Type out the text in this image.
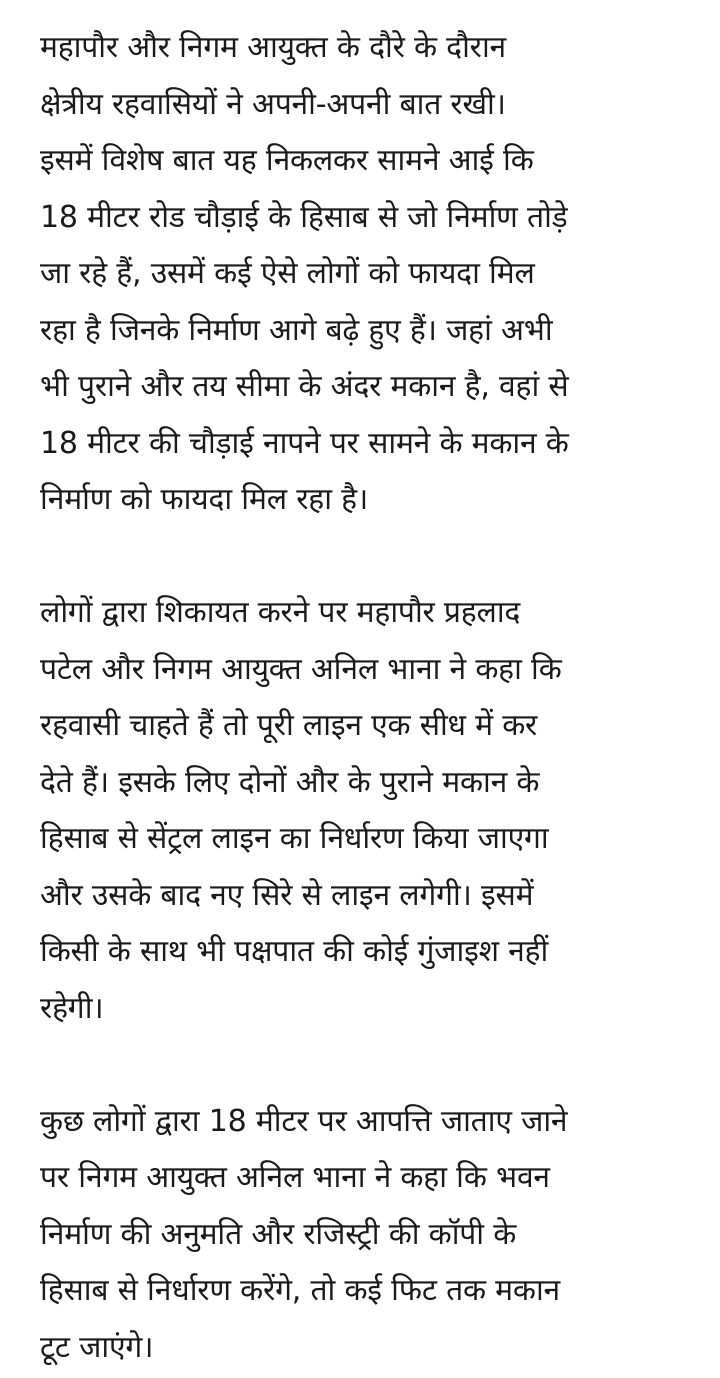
महापौर और निगम आयुक्त के दौरे के दौरान
क्षेत्रीय रहवासियों ने अपनी-अपनी बात रखी।
इसमें विशेष बात यह निकलकर सामने आई कि
18 मीटर रोड चौड़ाई के हिसाब से जो निर्माण तोड़े
जा रहे हैं, उसमें कई ऐसे लोगों को फायदा मिल
रहा है जिनके निर्माण आगे बढ़े हुए हैं। जहां अभी
भी पुराने और तय सीमा के अंदर मकान है, वहां से
18 मीटर की चौड़ाई नापने पर सामने के मकान के
निर्माण को फायदा मिल रहा है।

लोगों द्वारा शिकायत करने पर महापौर प्रहलाद
पटेल और निगम आयुक्त अनिल भाना ने कहा कि
रहवासी चाहते हैं तो पूरी लाइन एक सीध में कर
देते हैं। इसके लिए दोनों और के पुराने मकान के
हिसाब से सेंट्रल लाइन का निर्धारण किया जाएगा
और उसके बाद नए सिरे से लाइन लगेगी। इसमें
किसी के साथ भी पक्षपात की कोई गुंजाइश नहीं
रहेगी।

कुछ लोगों द्वारा 18 मीटर पर आपत्ति जाताए जाने
पर निगम आयुक्त अनिल भाना ने कहा कि भवन
निर्माण की अनुमति और रजिस्ट्री की कॉपी के
हिसाब से निर्धारण करेंगे, तो कई फिट तक मकान
टूट जाएंगे।
